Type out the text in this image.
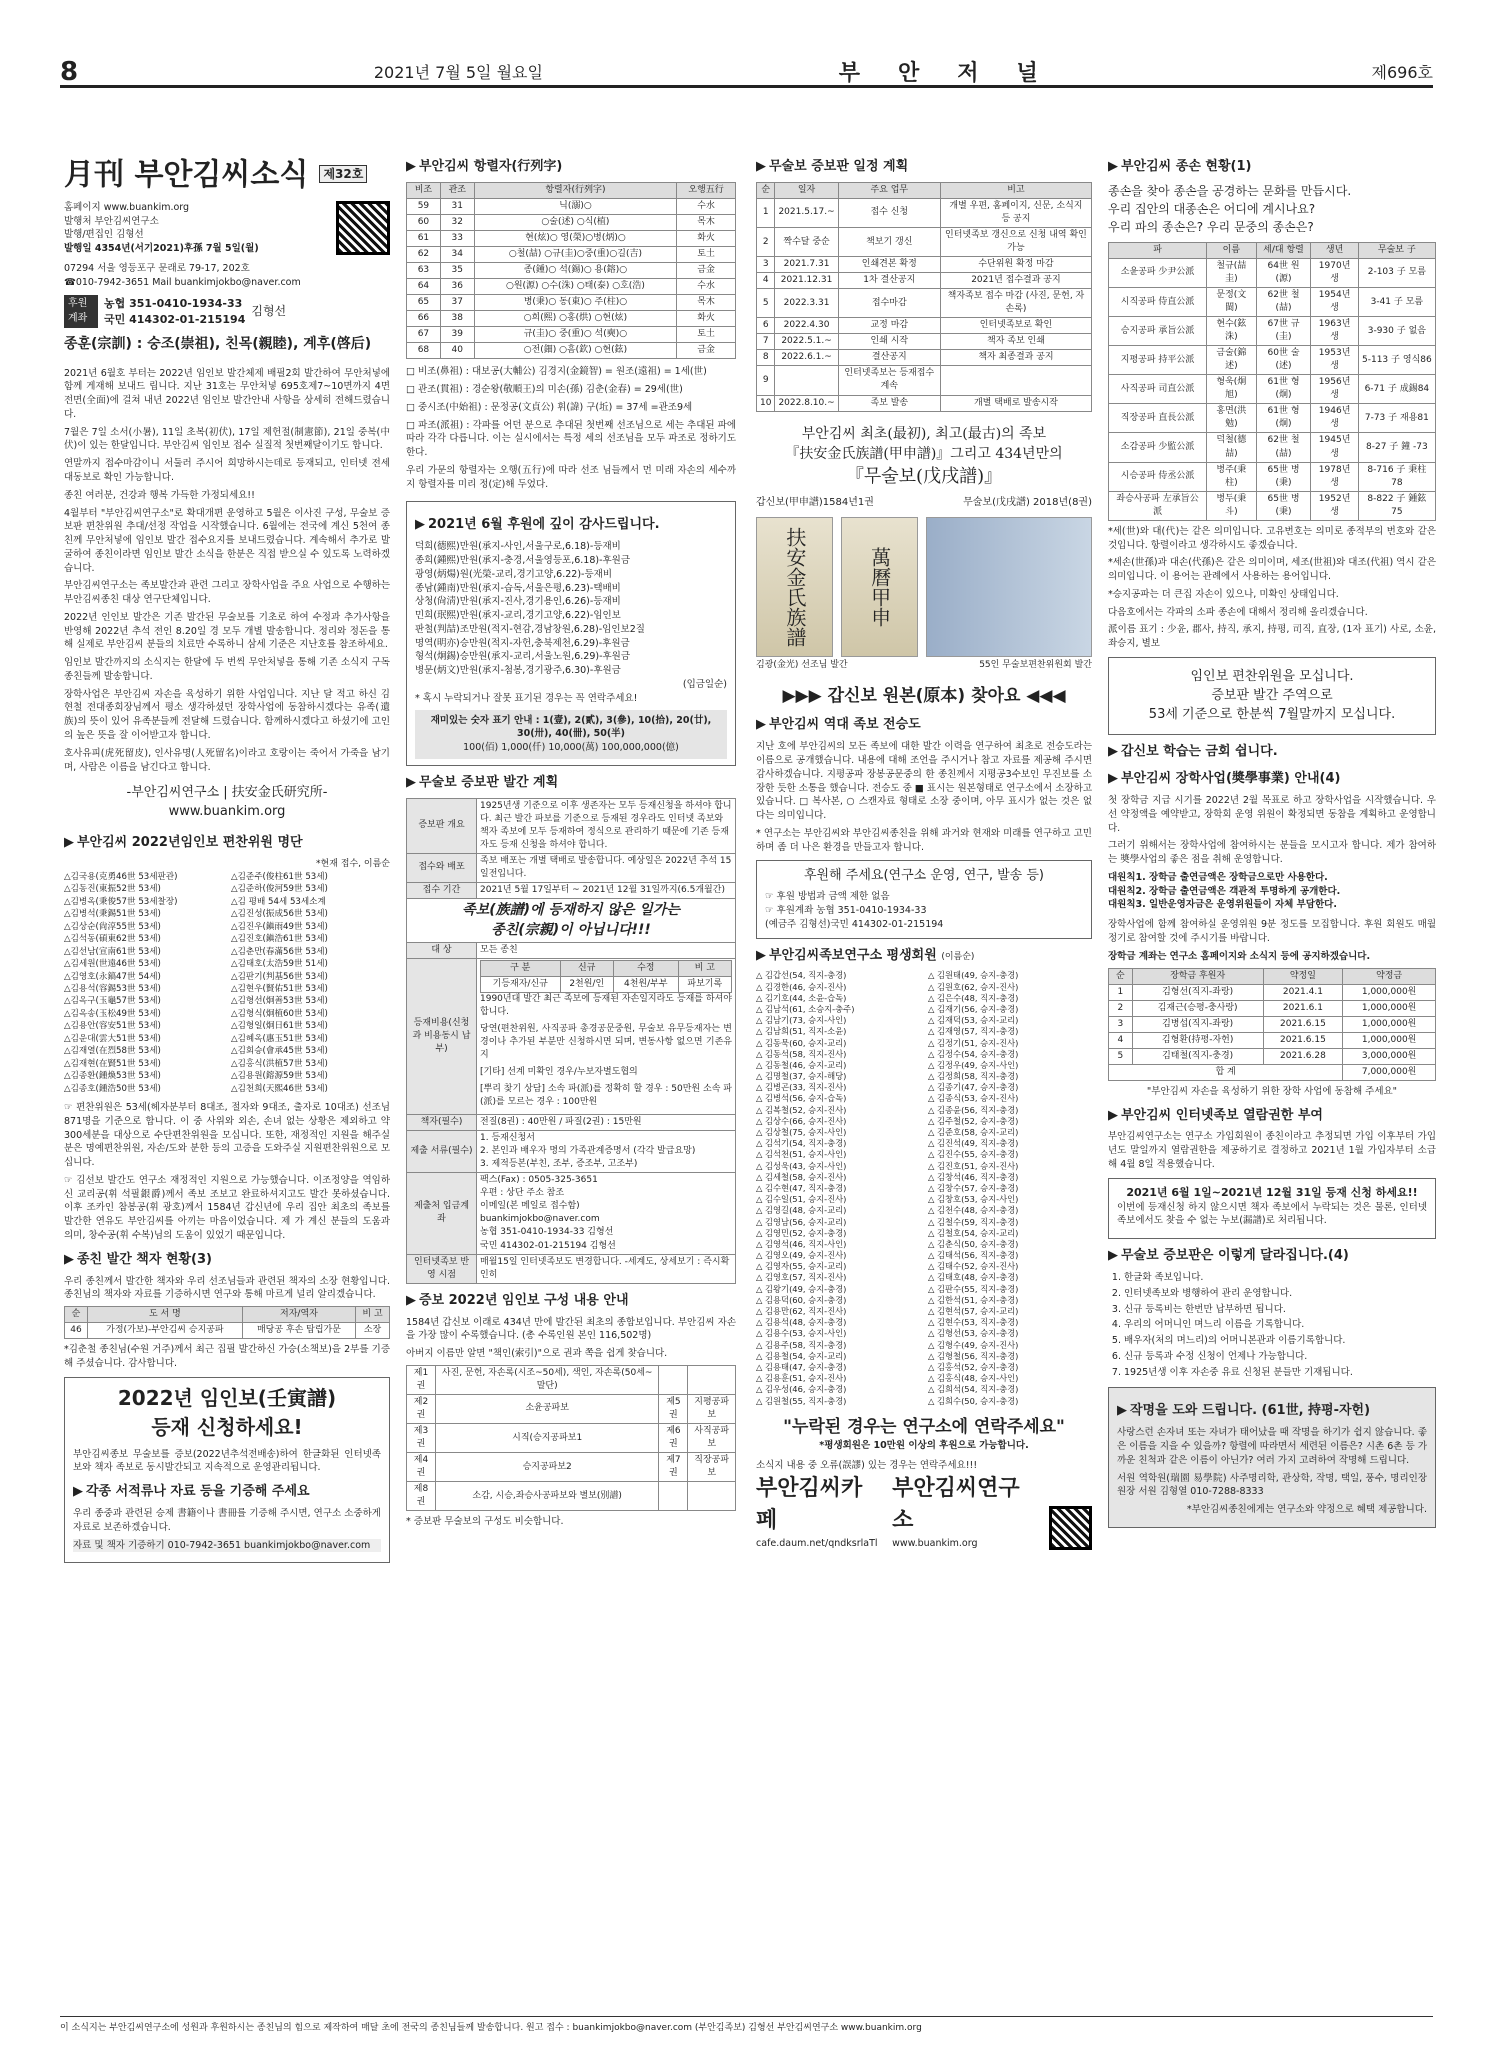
8	2021년 7월 5일 월요일	부안저널	제696호
月刊 부안김씨소식 제32호
홈페이지 www.buankim.org
발행처 부안김씨연구소
발행/편집인 김형선
발행일 4354년(서기2021)후孫 7월 5일(월)
07294 서울 영등포구 문래로 79-17, 202호
☎010-7942-3651 Mail buankimjokbo@naver.com
후원계좌
농협 351-0410-1934-33
국민 414302-01-215194
김형선
종훈(宗訓) : 숭조(崇祖), 친목(親睦), 계후(啓后)

2021년 6월호 부터는 2022년 임인보 발간체제 배필2회 발간하여 무안처넣에 함께 게재해 보내드 립니다. 지난 31호는 무안처넣 695호제7~10면까지 4면 전면(全面)에 걸쳐 내년 2022년 임인보 발간안내 사항을 상세히 전해드렸습니다.

7월은 7일 소서(小暑), 11일 초복(初伏), 17일 제헌절(制憲節), 21일 중복(中伏)이 있는 한달입니다. 부안김씨 임인보 접수 실질적 첫번째달이기도 합니다.

연말까지 접수마감이니 서둘러 주시어 희망하시는데로 등재되고, 인터넷 전세대동보로 확인 가능합니다.

종친 여러분, 건강과 행복 가득한 가정되세요!!

4월부터 "부안김씨연구소"로 확대개편 운영하고 5월은 이사진 구성, 무술보 증보판 편찬위원 추대/선정 작업을 시작했습니다. 6월에는 전국에 계신 5천여 종친께 무안처넣에 임인보 발간 접수요지를 보내드렸습니다. 계속해서 추가로 발굴하여 종친이라면 임인보 발간 소식을 한분은 직접 받으실 수 있도록 노력하겠습니다.

부안김씨연구소는 족보발간과 관련 그리고 장학사업을 주요 사업으로 수행하는 부안김씨종친 대상 연구단체입니다.

2022년 인인보 발간은 기존 발간된 무술보를 기초로 하여 수정과 추가사항을 반영해 2022년 추석 전인 8.20일 경 모두 개별 발송합니다. 정리와 정돈을 통해 실제로 부안김씨 분들의 치료만 수록하니 삼세 기준은 지난호를 참조하세요.

임인보 발간까지의 소식지는 한달에 두 번씩 무안처넣을 통해 기존 소식지 구독종친들께 발송합니다.

장학사업은 부안김씨 자손을 육성하기 위한 사업입니다. 지난 달 적고 하신 김현철 전대종회장님께서 평소 생각하셨던 장학사업에 동참하시겠다는 유족(遺族)의 뜻이 있어 유족분들께 전달해 드렸습니다. 함께하시겠다고 하셨기에 고인의 높은 뜻을 잘 이어받고자 합니다.

호사유피(虎死留皮), 인사유명(人死留名)이라고 호랑이는 죽어서 가죽을 남기며, 사람은 이름을 남긴다고 합니다.

-부안김씨연구소 | 扶安金氏研究所-
www.buankim.org
▶ 부안김씨 2022년임인보 편찬위원 명단
*현재 접수, 이름순
△김국용(克勇46世 53세판관)
△김동진(東振52世 53세)
△김병옥(秉俊57世 53세찰장)
△김병석(秉錫51世 53세)
△김상순(尙淳55世 53세)
△김석동(碩東62世 53세)
△김선남(宣南61世 53세)
△김세원(世遠46世 53세)
△김영호(永鎬47世 54세)
△김용석(容錫53世 53세)
△김옥구(玉龜57世 53세)
△김옥송(玉松49世 53세)
△김용안(容安51世 53세)
△김운대(雲大51世 53세)
△김재열(在烈58世 53세)
△김재현(在賢51世 53세)
△김종환(鍾煥53世 53세)
△김종호(鍾浩50世 53세)
△김준주(俊柱61世 53세)
△김준하(俊河59世 53세)
△김 평배 54세 53세소계
△김진성(振成56世 53세)
△김진우(鎭雨49世 53세)
△김진호(鎭浩61世 53세)
△김춘만(春滿56世 53세)
△김태호(太浩59世 51세)
△김판기(判基56世 53세)
△김현우(賢佑51世 53세)
△김형선(炯善53世 53세)
△김형식(炯植60世 53세)
△김형일(炯日61世 53세)
△김혜옥(惠玉51世 53세)
△김회승(會承45世 53세)
△김홍식(洪植57世 53세)
△김용원(鎔源59世 53세)
△김천희(天熙46世 53세)

☞ 편찬위원은 53세(헤자분부터 8대조, 절자와 9대조, 출자로 10대조) 선조님 871명을 기준으로 합니다. 이 중 사위와 외손, 손녀 없는 상황은 제외하고 약 300세분을 대상으로 수단편찬위원을 모십니다. 또한, 재정적인 지원을 해주실 분은 명예편찬위원, 자손/도와 분한 등의 고증을 도와주실 지원편찬위원으로 모십니다.

☞ 김선보 발간도 연구소 재정적인 지원으로 가능했습니다. 이조정양을 역임하신 교리공(휘 석필銀爵)께서 족보 조보고 완료하셔지고도 발간 못하셨습니다. 이후 조카인 참봉공(휘 광호)께서 1584년 갑신년에 우리 집안 최초의 족보를 발간한 연유도 부안김씨를 아끼는 마음이었습니다. 제 가 계신 분들의 도움과 의미, 창수공(휘 수복)님의 도움이 있었기 때문입니다.

▶ 종친 발간 책자 현황(3)

우리 종친께서 발간한 책자와 우리 선조님들과 관련된 책자의 소장 현황입니다. 종친님의 책자와 자료를 기증하시면 연구와 통해 마르게 널리 알리겠습니다.

순	도 서 명	저자/역자	비 고
46	가정(가보)-부안김씨 승지공파	매당공 후손 탑립가문	소장

*김춘철 종친님(수원 거주)께서 최근 집필 발간하신 가승(소책보)을 2부를 기증해 주셨습니다. 감사합니다.

2022년 임인보(壬寅譜)
등재 신청하세요!

부안김씨종보 무술보를 증보(2022년추석전배송)하여 한글화된 인터넷족보와 책자 족보로 동시발간되고 지속적으로 운영관리됩니다.

▶ 각종 서적류나 자료 등을 기증해 주세요

우리 종중과 관련된 승제 書籍이나 書冊를 기증해 주시면, 연구소 소중하게 자료로 보존하겠습니다.

자료 및 책자 기증하기 010-7942-3651 buankimjokbo@naver.com

▶ 부안김씨 항렬자(行列字)
비조	관조	항렬자(行列字)	오행五行
59	31	닉(溺)○	수水
60	32	○술(述) ○식(植)	목木
61	33	현(炫)○ 영(榮)○병(炳)○	화火
62	34	○철(喆) ○규(圭)○중(重)○길(吉)	토土
63	35	종(鍾)○ 석(錫)○ 용(鎔)○	금金
64	36	○원(源) ○수(洙) ○태(泰) ○호(浩)	수水
65	37	병(秉)○ 동(東)○ 주(柱)○	목木
66	38	○희(熙) ○홍(烘) ○현(炫)	화火
67	39	규(圭)○ 중(重)○ 석(奭)○	토土
68	40	○전(鈿) ○흠(欽) ○현(鉉)	금金

□ 비조(鼻祖) : 대보공(大輔公) 김경지(金鏡智) = 원조(遠祖) = 1세(世)

□ 관조(貫祖) : 경순왕(敬順王)의 미손(孫) 김춘(金春) = 29세(世)

□ 중시조(中始祖) : 문정공(文貞公) 휘(諱) 구(坵) = 37세 =관조9세

□ 파조(派祖) : 각파를 어던 분으로 추대된 첫번째 선조님으로 세는 추대된 파에 따라 각각 다릅니다. 이는 실시에서는 특정 세의 선조님을 모두 파조로 정하기도 한다.

우리 가문의 항렬자는 오행(五行)에 따라 선조 님들께서 먼 미래 자손의 세수까지 항렬자를 미리 정(定)해 두었다.

▶ 2021년 6월 후원에 깊이 감사드립니다.
덕희(德熙)만원(承지-사인,서울구로,6.18)-등재비
종희(鍾熙)만원(承지-충경,서울영등포,6.18)-후원금
광영(炳煬)원(光榮-교리,경기고양,6.22)-등재비
종남(鍾南)만원(承지-습독,서울은평,6.23)-택배비
상청(尙淸)만원(承지-진사,경기용인,6.26)-등재비
민희(珉熙)만원(承지-교리,경기고양,6.22)-임인보
판철(判喆)조만원(적지-현감,경남창원,6.28)-임인보2질
명역(明亦)승만원(적지-자헌,충북제천,6.29)-후원금
형석(炯錫)승만원(承지-교리,서울노원,6.29)-후원금
병문(炳文)만원(承지-첨봉,경기광주,6.30)-후원금
(입금일순)
* 혹시 누락되거나 잘못 표기된 경우는 꼭 연락주세요!
재미있는 숫자 표기 안내 : 1(壹), 2(貳), 3(參), 10(拾), 20(廿), 30(卅), 40(卌), 50(半)
100(佰) 1,000(仟) 10,000(萬) 100,000,000(億)
▶ 무술보 증보판 발간 계획
증보판 개요	1925년생 기준으로 이후 생존자는 모두 등재신청을 하셔야 합니다. 최근 발간 파보를 기준으로 등재된 경우라도 인터넷 족보와 책자 족보에 모두 등재하여 정식으로 관리하기 때문에 기존 등재자도 등재 신청을 하셔야 합니다.
접수와 배포	족보 배포는 개별 택배로 발송합니다. 예상일은 2022년 추석 15일전입니다.
접수 기간	2021년 5월 17일부터 ~ 2021년 12월 31일까지(6.5개월간)

족보(族譜)에 등재하지 않은 일가는
종친(宗親)이 아닙니다!!!

대 상	모든 종친
등재비용(신청과 비용동시 납부)	
구 분	신규	수정	비 고
기등재자/신규	2천원/인	4천원/부부	파보기록

1990년대 발간 최근 족보에 등재된 자손일지라도 등재를 하셔야 합니다.

당연(편찬위원, 사직공파 총경공문중원, 무술보 유무등재자는 변경이나 추가된 부분만 신청하시면 되며, 변동사항 없으면 기존유지

[기타] 선계 미확인 경우/누보자별도협의

[뿌리 찾기 상담] 소속 파(派)를 정확히 할 경우 : 50만원 소속 파(派)를 모르는 경우 : 100만원

책자(필수)	전질(8권) : 40만원 / 파질(2권) : 15만원
제출 서류(필수)	
1. 등재신청서
2. 본인과 배우자 명의 가족관계증명서 (각각 발급요망)
3. 제적등본(부친, 조부, 증조부, 고조부)

제출처 입금계좌	
팩스(Fax) : 0505-325-3651
우편 : 상단 주소 참조
이메일(본 메일로 접수함)
buankimjokbo@naver.com
농협 351-0410-1934-33 김형선
국민 414302-01-215194 김형선

인터넷족보 반영 시점	매월15일 인터넷족보도 변경합니다. -세계도, 상세보기 : 즉시확인히
▶ 증보 2022년 임인보 구성 내용 안내

1584년 갑신보 이래로 434년 만에 발간된 최초의 종합보입니다. 부안김씨 자손을 가장 많이 수록했습니다. (총 수록인원 본인 116,502명)

아버지 이름만 알면 "책인(索引)"으로 권과 쪽을 쉽게 찾습니다.

제1권	사진, 문헌, 자손록(시조~50세), 색인, 자손록(50세~ 말단)		
제2권	소윤공파보	제5권	지평공파보
제3권	시직(승지공파보1	제6권	사직공파보
제4권	승지공파보2	제7권	직장공파보
제8권	소감, 시승,좌승사공파보와 별보(別譜)		

* 증보판 무술보의 구성도 비슷합니다.

▶ 무술보 증보판 일정 계획
순	일자	주요 업무	비고
1	2021.5.17.~	접수 신청	개별 우편, 홈페이지, 신문, 소식지 등 공지
2	짝수달 중순	책보기 갱신	인터넷족보 갱신으로 신청 내역 확인 가능
3	2021.7.31	인쇄견본 확정	수단위원 확정 마감
4	2021.12.31	1차 결산공지	2021년 접수결과 공지
5	2022.3.31	접수마감	책자족보 접수 마감 (사진, 문헌, 자손록)
6	2022.4.30	교정 마감	인터넷족보로 확인
7	2022.5.1.~	인쇄 시작	책자 족보 인쇄
8	2022.6.1.~	결산공지	책자 최종결과 공지
9		인터넷족보는 등재접수 계속	
10	2022.8.10.~	족보 발송	개별 택배로 발송시작
부안김씨 최초(最初), 최고(最古)의 족보
『扶安金氏族譜(甲申譜)』그리고 434년만의
『무술보(戊戌譜)』
갑신보(甲申譜)1584년1권	무술보(戊戌譜) 2018년(8권)
扶安金氏族譜	萬曆甲申
김광(金光) 선조님 발간	55인 무술보편찬위원회 발간
▶▶▶ 갑신보 원본(原本) 찾아요 ◀◀◀
▶ 부안김씨 역대 족보 전승도

지난 호에 부안김씨의 모든 족보에 대한 발간 이력을 연구하여 최초로 전승도라는 이름으로 공개했습니다. 내용에 대해 조언을 주시거나 참고 자료를 제공해 주시면 감사하겠습니다. 지평공파 장봉공문중의 한 종친께서 지평공3수보인 무진보를 소장한 듯한 소통을 했습니다. 전승도 중 ■ 표시는 원본형태로 연구소에서 소장하고 있습니다. □ 복사본, ○ 스캔자료 형태로 소장 중이며, 아무 표시가 없는 것은 없다는 의미입니다.

* 연구소는 부안김씨와 부안김씨종친을 위해 과거와 현재와 미래를 연구하고 고민하며 좀 더 나은 환경을 만들고자 합니다.

후원해 주세요(연구소 운영, 연구, 발송 등)
☞ 후원 방법과 금액 제한 없음
☞ 후원계좌 농협 351-0410-1934-33
(예금주 김형선)국민 414302-01-215194
▶ 부안김씨족보연구소 평생회원 (이름순)
△ 김갑선(54, 직지-충경)
△ 김경한(46, 승지-진사)
△ 김기호(44, 소윤-습독)
△ 김남석(61, 소승지-충주)
△ 김남기(73, 승지-사인)
△ 김남희(51, 직지-소윤)
△ 김동묵(60, 승지-교리)
△ 김동석(58, 직지-진사)
△ 김동철(46, 승지-교리)
△ 김명철(37, 승지-해당)
△ 김병곤(33, 직지-진사)
△ 김병석(56, 승지-습독)
△ 김복철(52, 승지-진사)
△ 김상수(66, 승지-진사)
△ 김상철(75, 승지-사인)
△ 김석기(54, 직지-충경)
△ 김석천(51, 승지-사인)
△ 김성욱(43, 승지-사인)
△ 김세철(58, 승지-진사)
△ 김수현(47, 직지-충경)
△ 김수일(51, 승지-진사)
△ 김영길(48, 승지-교리)
△ 김영남(56, 승지-교리)
△ 김영민(52, 승지-충경)
△ 김영석(46, 직지-사인)
△ 김영오(49, 승지-진사)
△ 김영자(55, 승지-교리)
△ 김영호(57, 직지-진사)
△ 김왕기(49, 승지-충경)
△ 김용덕(60, 승지-충경)
△ 김용만(62, 직지-진사)
△ 김용석(48, 승지-충경)
△ 김용수(53, 승지-사인)
△ 김용주(58, 직지-충경)
△ 김용철(54, 승지-교리)
△ 김용태(47, 승지-충경)
△ 김용훈(51, 승지-진사)
△ 김우성(46, 승지-충경)
△ 김원철(55, 직지-충경)
△ 김원태(49, 승지-충경)
△ 김원호(62, 승지-진사)
△ 김은수(48, 직지-충경)
△ 김재기(56, 승지-충경)
△ 김재덕(53, 승지-교리)
△ 김재영(57, 직지-충경)
△ 김정기(51, 승지-진사)
△ 김정수(54, 승지-충경)
△ 김정우(49, 승지-사인)
△ 김정희(58, 직지-충경)
△ 김종기(47, 승지-충경)
△ 김종식(53, 승지-진사)
△ 김종윤(56, 직지-충경)
△ 김주철(52, 승지-충경)
△ 김준호(58, 승지-교리)
△ 김진석(49, 직지-충경)
△ 김진수(55, 승지-충경)
△ 김진호(51, 승지-진사)
△ 김창석(46, 직지-충경)
△ 김창수(57, 승지-충경)
△ 김창호(53, 승지-사인)
△ 김천수(48, 승지-충경)
△ 김철수(59, 직지-충경)
△ 김철호(54, 승지-교리)
△ 김춘식(50, 승지-충경)
△ 김태석(56, 직지-충경)
△ 김태수(52, 승지-진사)
△ 김태호(48, 승지-충경)
△ 김판수(55, 직지-충경)
△ 김한석(51, 승지-충경)
△ 김현석(57, 승지-교리)
△ 김현수(53, 직지-충경)
△ 김형선(53, 승지-충경)
△ 김형수(49, 승지-진사)
△ 김형철(56, 직지-충경)
△ 김홍석(52, 승지-충경)
△ 김홍식(48, 승지-사인)
△ 김희석(54, 직지-충경)
△ 김희수(50, 승지-충경)
"누락된 경우는 연구소에 연락주세요"
*평생회원은 10만원 이상의 후원으로 가능합니다.
소식지 내용 중 오류(誤謬) 있는 경우는 연락주세요!!!
부안김씨카페
cafe.daum.net/qndksrlaTl
부안김씨연구소
www.buankim.org
▶ 부안김씨 종손 현황(1)
종손을 찾아 종손을 공경하는 문화를 만듭시다.
우리 집안의 대종손은 어디에 계시나요?
우리 파의 종손은? 우리 문중의 종손은?
파	이름	세/대 항렬	생년	무술보 子
소윤공파 少尹公派	철규(喆圭)	64世 원(源)	1970년생	2-103 子 모름
시직공파 侍直公派	문정(文閩)	62世 철(喆)	1954년생	3-41 子 모름
승지공파 承旨公派	현수(鉉洙)	67世 규(圭)	1963년생	3-930 子 없음
지평공파 持平公派	금술(錦述)	60世 술(述)	1953년생	5-113 子 영식86
사직공파 司直公派	형욱(炯旭)	61世 형(炯)	1956년생	6-71 子 成錫84
직장공파 直長公派	홍면(洪勉)	61世 형(炯)	1946년생	7-73 子 재용81
소감공파 少監公派	덕철(德喆)	62世 철(喆)	1945년생	8-27 子 鐘 -73
시승공파 侍丞公派	병주(秉柱)	65世 병(秉)	1978년생	8-716 子 秉柱78
좌승사공파 左承旨公派	병두(秉斗)	65世 병(秉)	1952년생	8-822 子 鍾鉉75

*세(世)와 대(代)는 같은 의미입니다. 고유번호는 의미로 종적부의 번호와 같은 것입니다. 항렬이라고 생각하시도 좋겠습니다.

*세손(世孫)과 대손(代孫)은 같은 의미이며, 세조(世祖)와 대조(代祖) 역시 같은 의미입니다. 이 용어는 관례에서 사용하는 용어입니다.

*승지공파는 더 큰집 자손이 있으나, 미확인 상태입니다.

다음호에서는 각파의 소파 종손에 대해서 정리해 올리겠습니다.

派이름 표기 : 少윤, 郡사, 持직, 承지, 持평, 司직, 直장, (1자 표기) 사로, 소윤, 좌승지, 별보

임인보 편찬위원을 모십니다.
증보판 발간 주역으로
53세 기준으로 한분씩 7월말까지 모십니다.
▶ 갑신보 학습는 금회 쉽니다.
▶ 부안김씨 장학사업(奬學事業) 안내(4)

첫 장학금 지급 시기를 2022년 2월 목표로 하고 장학사업을 시작했습니다. 우선 약정액을 예약받고, 장학회 운영 위원이 확정되면 동참을 계획하고 운영합니다.

그러기 위해서는 장학사업에 참여하시는 분들을 모시고자 합니다. 제가 참여하는 奬學사업의 좋은 점을 취해 운영합니다.

대원칙1. 장학금 출연금액은 장학금으로만 사용한다.
대원칙2. 장학금 출연금액은 객관적 투명하게 공개한다.
대원칙3. 일반운영자금은 운영위원들이 자체 부담한다.

장학사업에 함께 참여하실 운영위원 9분 정도를 모집합니다. 후원 회원도 매월정기로 참여할 것에 주시기를 바랍니다.

장학금 계좌는 연구소 홈페이지와 소식지 등에 공지하겠습니다.

순	장학금 후원자	약정일	약정금
1	김형선(직지-좌랑)	2021.4.1	1,000,000원
2	김재근(승평-충사랑)	2021.6.1	1,000,000원
3	김병섭(직지-좌랑)	2021.6.15	1,000,000원
4	김형환(持평-자헌)	2021.6.15	1,000,000원
5	김태철(직지-충경)	2021.6.28	3,000,000원
합 계			7,000,000원

"부안김씨 자손을 육성하기 위한 장학 사업에 동참해 주세요"

▶ 부안김씨 인터넷족보 열람권한 부여

부안김씨연구소는 연구소 가입회원이 종친이라고 추정되면 가입 이후부터 가입년도 말일까지 열람권한을 제공하기로 결정하고 2021년 1월 가입자부터 소급해 4월 8일 적용했습니다.

2021년 6월 1일~2021년 12월 31일 등재 신청 하세요!!

이번에 등재신청 하지 않으시면 책자 족보에서 누락되는 것은 물론, 인터넷족보에서도 찾을 수 없는 누보(漏譜)로 처리됩니다.

▶ 무술보 증보판은 이렇게 달라집니다.(4)
1. 한글화 족보입니다.
2. 인터넷족보와 병행하여 관리 운영합니다.
3. 신규 등록비는 한번만 납부하면 됩니다.
4. 우리의 어머니인 며느리 이름을 기록합니다.
5. 배우자(처의 며느리)의 어머니본관과 이름기록합니다.
6. 신규 등록과 수정 신청이 언제나 가능합니다.
7. 1925년생 이후 자손중 유료 신청된 분들만 기재됩니다.
▶ 작명을 도와 드립니다. (61世, 持평-자헌)

사랑스런 손자녀 또는 자녀가 태어났을 때 작명을 하기가 쉽지 않습니다. 좋은 이름을 지을 수 있을까? 항렬에 따라면서 세련된 이름은? 시촌 6촌 등 가까운 친척과 같은 이름이 아닌가? 여러 가지 고려하여 작명해 드립니다.

서원 역학원(瑞園 易學院) 사주명리학, 관상학, 작명, 택일, 풍수, 명리인장 원장 서원 김형열 010-7288-8333

*부안김씨종친에게는 연구소와 약정으로 혜택 제공합니다.

이 소식지는 부안김씨연구소에 성원과 후원하시는 종친님의 힘으로 제작하여 매달 초에 전국의 종친님들께 발송합니다. 원고 접수 : buankimjokbo@naver.com (부안김족보) 김형선 부안김씨연구소 www.buankim.org
